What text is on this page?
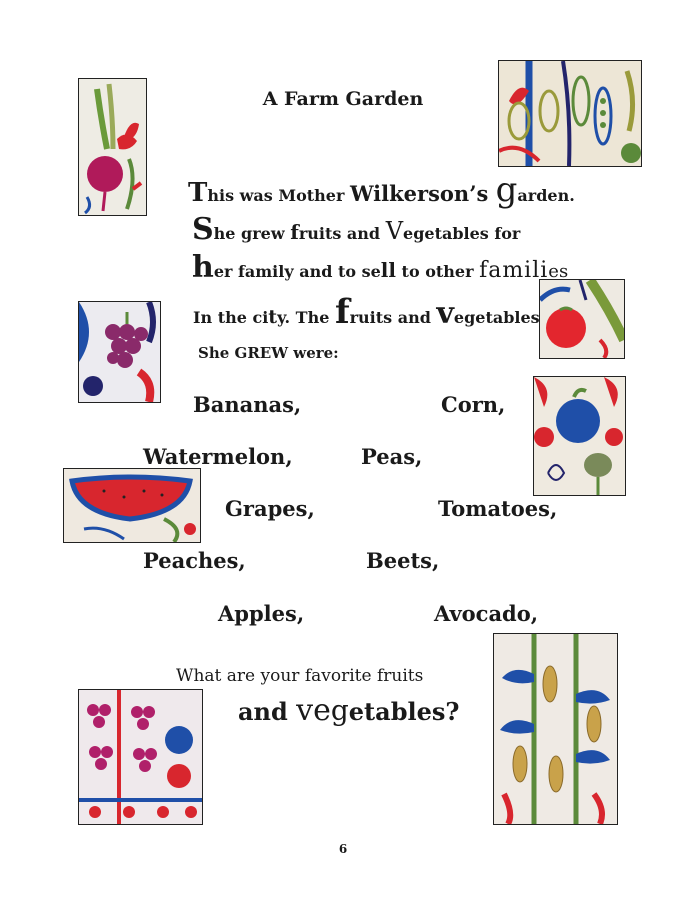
A Farm Garden
This was Mother Wilkerson’s garden.
She grew fruits and Vegetables for
her family and to sell to other families
In the city. The fruits and vegetables
She GREW were:
Bananas,	Corn,
Watermelon,	Peas,
Grapes,	Tomatoes,
Peaches,	Beets,
Apples,	Avocado,
What are your favorite fruits
and vegetables?
6
